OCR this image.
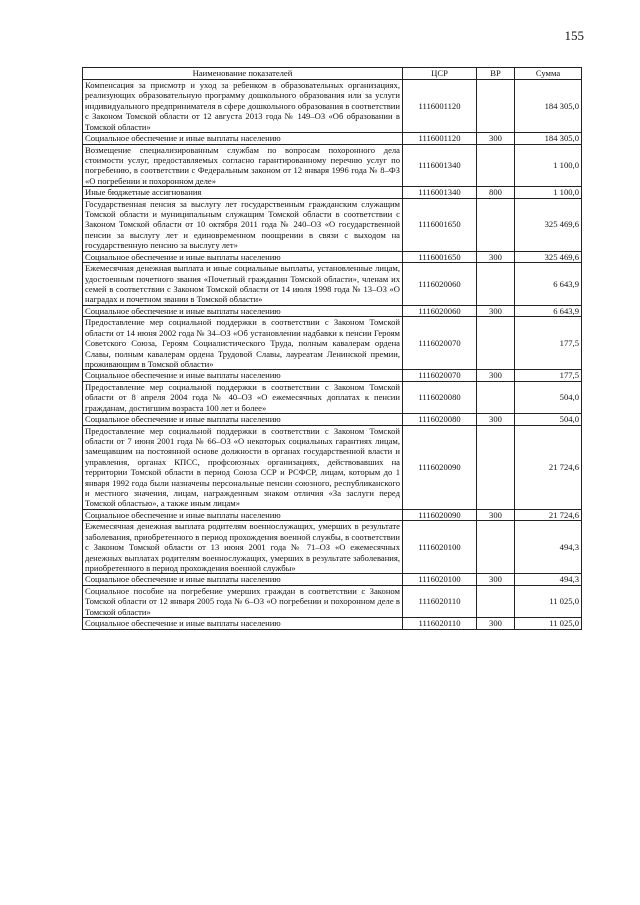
155
Наименование показателей	ЦСР	ВР	Сумма
Компенсация за присмотр и уход за ребенком в образовательных организациях, реализующих образовательную программу дошкольного образования или за услуги индивидуального предпринимателя в сфере дошкольного образования в соответствии с Законом Томской области от 12 августа 2013 года № 149–ОЗ «Об образовании в Томской области»	1116001120		184 305,0
Социальное обеспечение и иные выплаты населению	1116001120	300	184 305,0
Возмещение специализированным службам по вопросам похоронного дела стоимости услуг, предоставляемых согласно гарантированному перечню услуг по погребению, в соответствии с Федеральным законом от 12 января 1996 года № 8–ФЗ «О погребении и похоронном деле»	1116001340		1 100,0
Иные бюджетные ассигнования	1116001340	800	1 100,0
Государственная пенсия за выслугу лет государственным гражданским служащим Томской области и муниципальным служащим Томской области в соответствии с Законом Томской области от 10 октября 2011 года № 240–ОЗ «О государственной пенсии за выслугу лет и единовременном поощрении в связи с выходом на государственную пенсию за выслугу лет»	1116001650		325 469,6
Социальное обеспечение и иные выплаты населению	1116001650	300	325 469,6
Ежемесячная денежная выплата и иные социальные выплаты, установленные лицам, удостоенным почетного звания «Почетный гражданин Томской области», членам их семей в соответствии с Законом Томской области от 14 июля 1998 года № 13–ОЗ «О наградах и почетном звании в Томской области»	1116020060		6 643,9
Социальное обеспечение и иные выплаты населению	1116020060	300	6 643,9
Предоставление мер социальной поддержки в соответствии с Законом Томской области от 14 июня 2002 года № 34–ОЗ «Об установлении надбавки к пенсии Героям Советского Союза, Героям Социалистического Труда, полным кавалерам ордена Славы, полным кавалерам ордена Трудовой Славы, лауреатам Ленинской премии, проживающим в Томской области»	1116020070		177,5
Социальное обеспечение и иные выплаты населению	1116020070	300	177,5
Предоставление мер социальной поддержки в соответствии с Законом Томской области от 8 апреля 2004 года № 40–ОЗ «О ежемесячных доплатах к пенсии гражданам, достигшим возраста 100 лет и более»	1116020080		504,0
Социальное обеспечение и иные выплаты населению	1116020080	300	504,0
Предоставление мер социальной поддержки в соответствии с Законом Томской области от 7 июня 2001 года № 66–ОЗ «О некоторых социальных гарантиях лицам, замещавшим на постоянной основе должности в органах государственной власти и управления, органах КПСС, профсоюзных организациях, действовавших на территории Томской области в период Союза ССР и РСФСР, лицам, которым до 1 января 1992 года были назначены персональные пенсии союзного, республиканского и местного значения, лицам, награжденным знаком отличия «За заслуги перед Томской областью», а также иным лицам»	1116020090		21 724,6
Социальное обеспечение и иные выплаты населению	1116020090	300	21 724,6
Ежемесячная денежная выплата родителям военнослужащих, умерших в результате заболевания, приобретенного в период прохождения военной службы, в соответствии с Законом Томской области от 13 июня 2001 года № 71–ОЗ «О ежемесячных денежных выплатах родителям военнослужащих, умерших в результате заболевания, приобретенного в период прохождения военной службы»	1116020100		494,3
Социальное обеспечение и иные выплаты населению	1116020100	300	494,3
Социальное пособие на погребение умерших граждан в соответствии с Законом Томской области от 12 января 2005 года № 6–ОЗ «О погребении и похоронном деле в Томской области»	1116020110		11 025,0
Социальное обеспечение и иные выплаты населению	1116020110	300	11 025,0
